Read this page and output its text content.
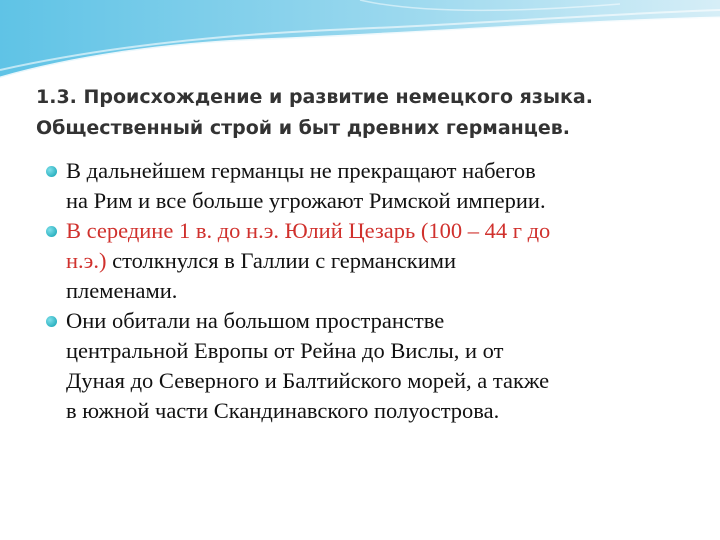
1.3. Происхождение и развитие немецкого языка.
Общественный строй и быт древних германцев.
В дальнейшем германцы не прекращают набегов
на Рим и все больше угрожают Римской империи.
В середине 1 в. до н.э. Юлий Цезарь (100 – 44 г до
н.э.) столкнулся в Галлии с германскими
племенами.
Они обитали на большом пространстве
центральной Европы от Рейна до Вислы, и от
Дуная до Северного и Балтийского морей, а также
в южной части Скандинавского полуострова.
